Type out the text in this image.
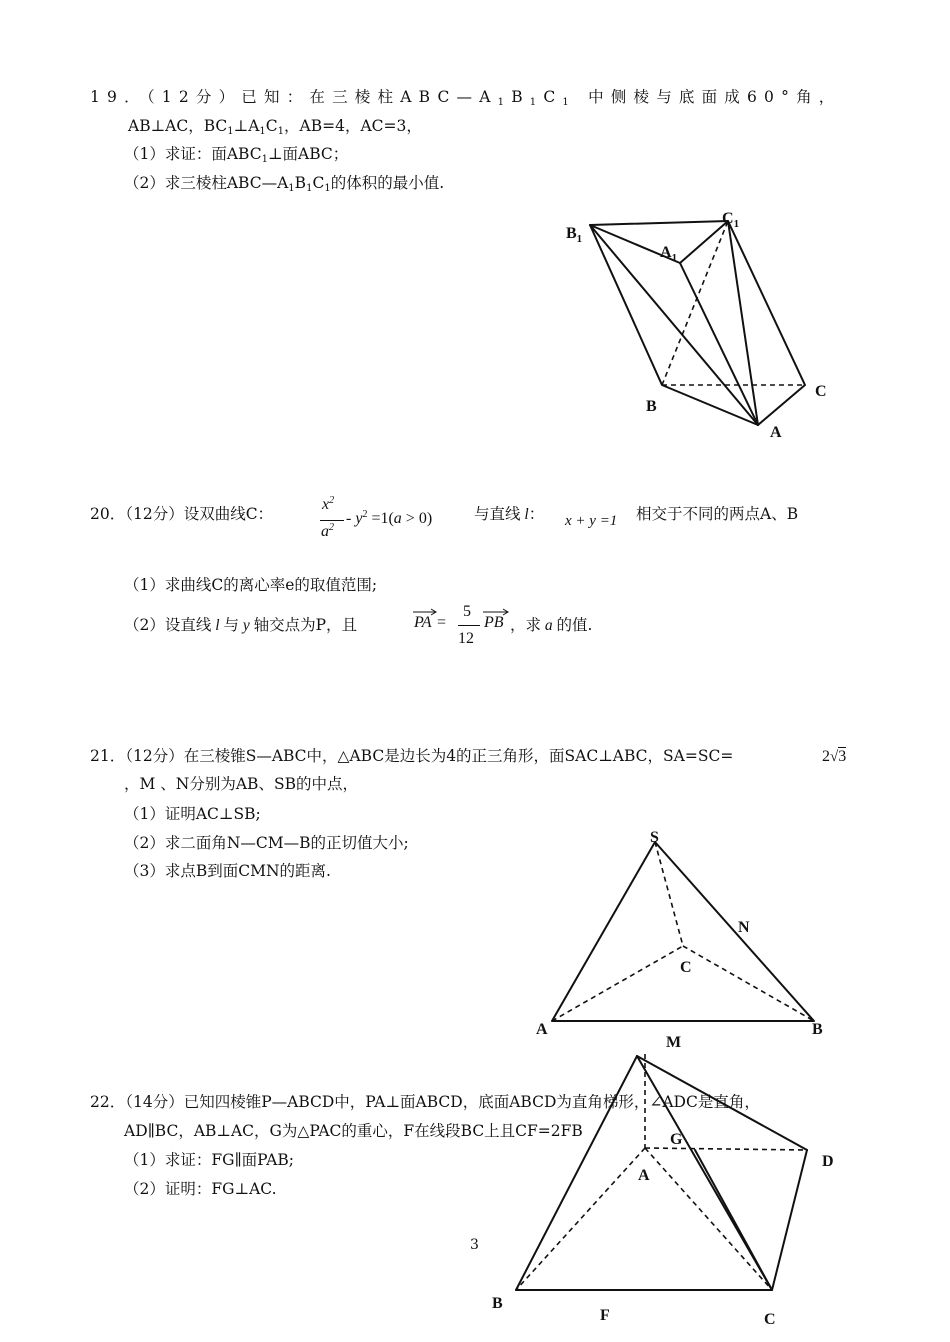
19．（12分）已知：在三棱柱$ABC—A_1B_1C_1$ 中侧棱与底面成60°角，
AB⊥AC，$BC_1\perp A_1C_1$，AB=4，AC=3，
（1）求证：面$ABC_1\perp$面ABC；
（2）求三棱柱$ABC—A_1B_1C_1$的体积的最小值.
$B_1$
$A_1$
$C_1$
B
C
A
20．（12分）设双曲线C：
$x^2$
$a^2$
- $y^2 =1(a > 0)$	与直线 l： x + y =1 相交于不同的两点A、B
（1）求曲线C的离心率e的取值范围;
（2）设直线 l 与 y 轴交点为P，且	PA =
5
12
PB ，求 a 的值.
21．（12分）在三棱锥S—ABC中，△ABC是边长为4的正三角形，面SAC⊥ABC，SA=SC=	2√3
，M 、N分别为AB、SB的中点，
（1）证明AC⊥SB;
（2）求二面角N—CM—B的正切值大小;
（3）求点B到面CMN的距离.
S
N
C
A	B
M
22．（14分）已知四棱锥P—ABCD中，PA⊥面ABCD，底面ABCD为直角梯形，∠ADC是直角，
AD∥BC，AB⊥AC，G为△PAC的重心，F在线段BC上且CF=2FB
（1）求证：FG∥面PAB;
（2）证明：FG⊥AC.
3
G
A
D
B
F	C
